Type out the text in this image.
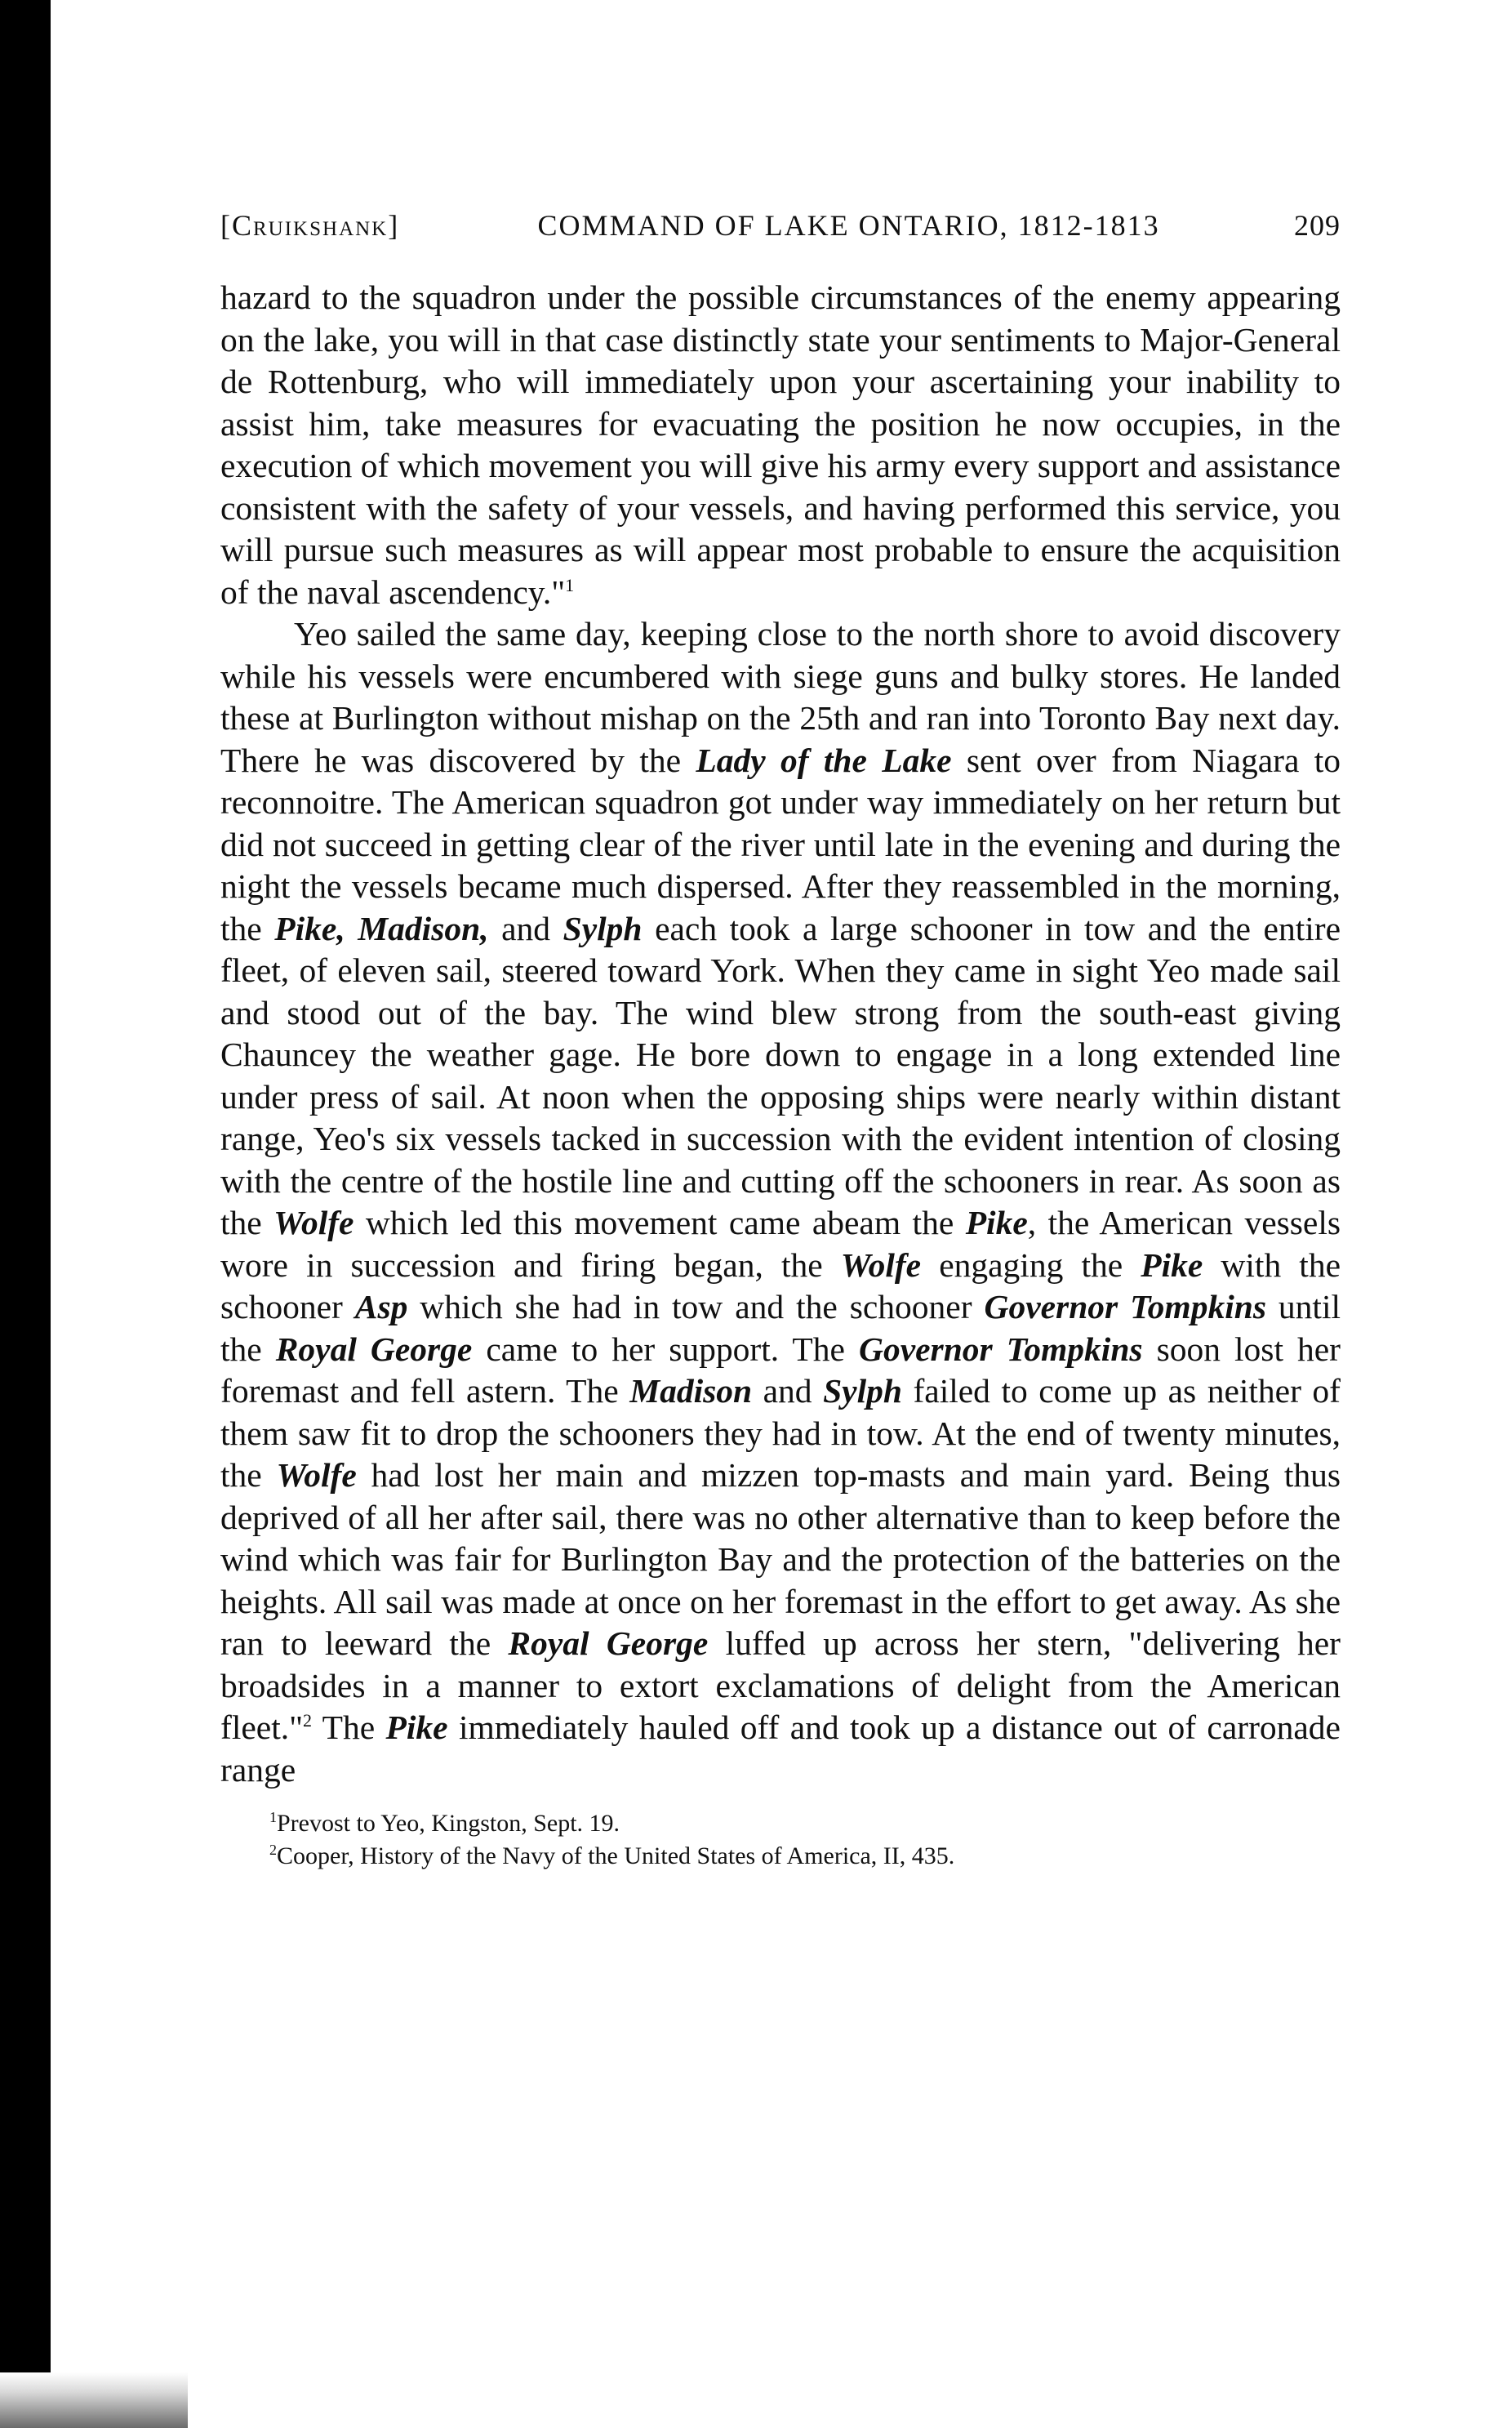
[Cruikshank]	COMMAND OF LAKE ONTARIO, 1812-1813	209

hazard to the squadron under the possible circumstances of the enemy appearing on the lake, you will in that case distinctly state your sentiments to Major-General de Rottenburg, who will immediately upon your ascertaining your inability to assist him, take measures for evacuating the position he now occupies, in the execution of which movement you will give his army every support and assistance consistent with the safety of your vessels, and having performed this service, you will pursue such measures as will appear most probable to ensure the acquisition of the naval ascendency."$^1$

Yeo sailed the same day, keeping close to the north shore to avoid discovery while his vessels were encumbered with siege guns and bulky stores. He landed these at Burlington without mishap on the 25th and ran into Toronto Bay next day. There he was discovered by the Lady of the Lake sent over from Niagara to reconnoitre. The American squadron got under way immediately on her return but did not succeed in getting clear of the river until late in the evening and during the night the vessels became much dispersed. After they reassembled in the morning, the Pike, Madison, and Sylph each took a large schooner in tow and the entire fleet, of eleven sail, steered toward York. When they came in sight Yeo made sail and stood out of the bay. The wind blew strong from the south-east giving Chauncey the weather gage. He bore down to engage in a long extended line under press of sail. At noon when the opposing ships were nearly within distant range, Yeo's six vessels tacked in succession with the evident intention of closing with the centre of the hostile line and cutting off the schooners in rear. As soon as the Wolfe which led this movement came abeam the Pike, the American vessels wore in succession and firing began, the Wolfe engaging the Pike with the schooner Asp which she had in tow and the schooner Governor Tompkins until the Royal George came to her support. The Governor Tompkins soon lost her foremast and fell astern. The Madison and Sylph failed to come up as neither of them saw fit to drop the schooners they had in tow. At the end of twenty minutes, the Wolfe had lost her main and mizzen top-masts and main yard. Being thus deprived of all her after sail, there was no other alternative than to keep before the wind which was fair for Burlington Bay and the protection of the batteries on the heights. All sail was made at once on her foremast in the effort to get away. As she ran to leeward the Royal George luffed up across her stern, "delivering her broadsides in a manner to extort exclamations of delight from the American fleet."$^2$ The Pike immediately hauled off and took up a distance out of carronade range

$^1$Prevost to Yeo, Kingston, Sept. 19.

$^2$Cooper, History of the Navy of the United States of America, II, 435.
